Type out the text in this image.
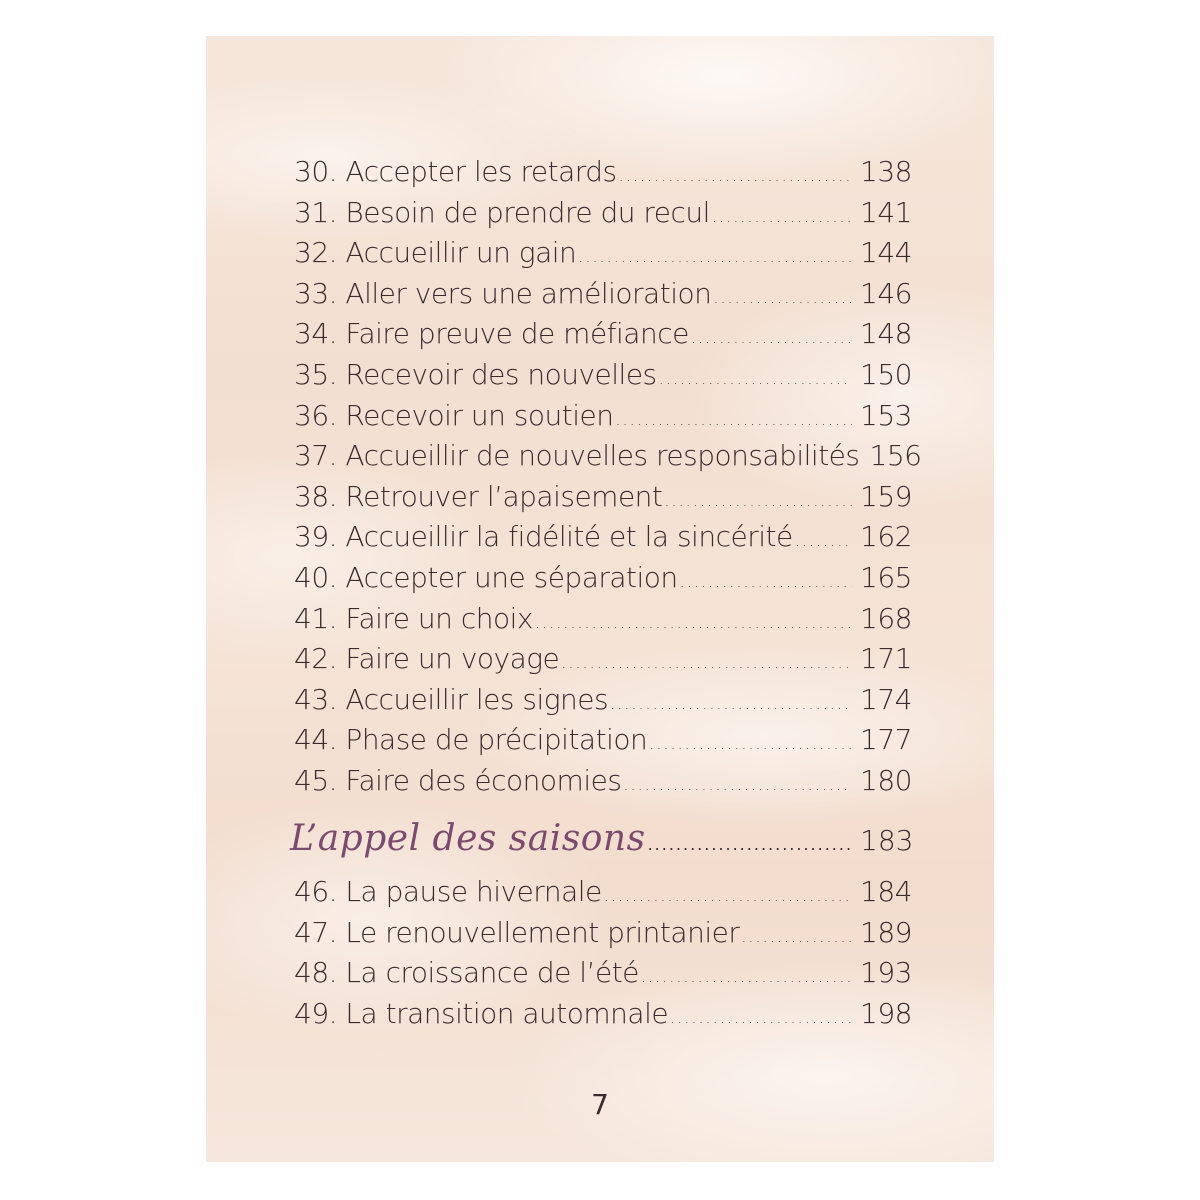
30. Accepter les retards .....	138
31. Besoin de prendre du recul .....	141
32. Accueillir un gain .....	144
33. Aller vers une amélioration .....	146
34. Faire preuve de méfiance .....	148
35. Recevoir des nouvelles .....	150
36. Recevoir un soutien .....	153
37. Accueillir de nouvelles responsabilités 156
38. Retrouver l’apaisement .....	159
39. Accueillir la fidélité et la sincérité ..... 162
40. Accepter une séparation .....	165
41. Faire un choix .....	168
42. Faire un voyage .....	171
43. Accueillir les signes .....	174
44. Phase de précipitation .....	177
45. Faire des économies .....	180
L’appel des saisons .....	183
46. La pause hivernale .....	184
47. Le renouvellement printanier .....	189
48. La croissance de l’été .....	193
49. La transition automnale .....	198
7
